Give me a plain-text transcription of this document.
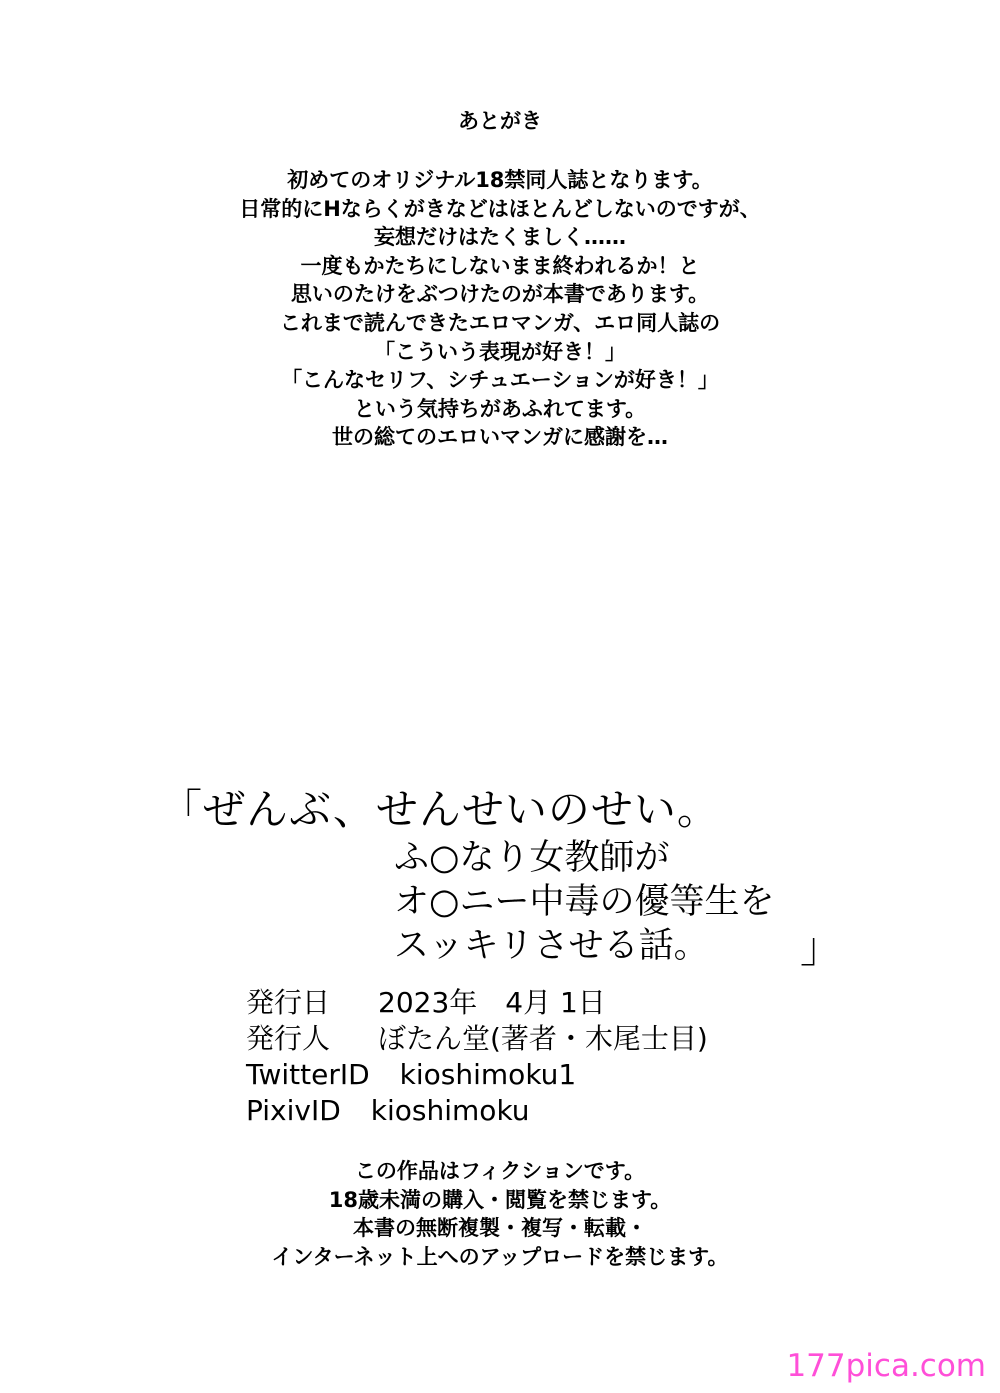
あとがき
初めてのオリジナル18禁同人誌となります。
日常的にHならくがきなどはほとんどしないのですが、
妄想だけはたくましく……
一度もかたちにしないまま終われるか！と
思いのたけをぶつけたのが本書であります。
これまで読んできたエロマンガ、エロ同人誌の
「こういう表現が好き！」
「こんなセリフ、シチュエーションが好き！」
という気持ちがあふれてます。
世の総てのエロいマンガに感謝を…
「ぜんぶ、せんせいのせい。
ふ○なり女教師が
オ○ニー中毒の優等生を
スッキリさせる話。	」
発行日 2023年　4月 1日
発行人 ぼたん堂(著者・木尾士目)
TwitterID kioshimoku1
PixivID kioshimoku
この作品はフィクションです。
18歳未満の購入・閲覧を禁じます。
本書の無断複製・複写・転載・
インターネット上へのアップロードを禁じます。
177pica.com
